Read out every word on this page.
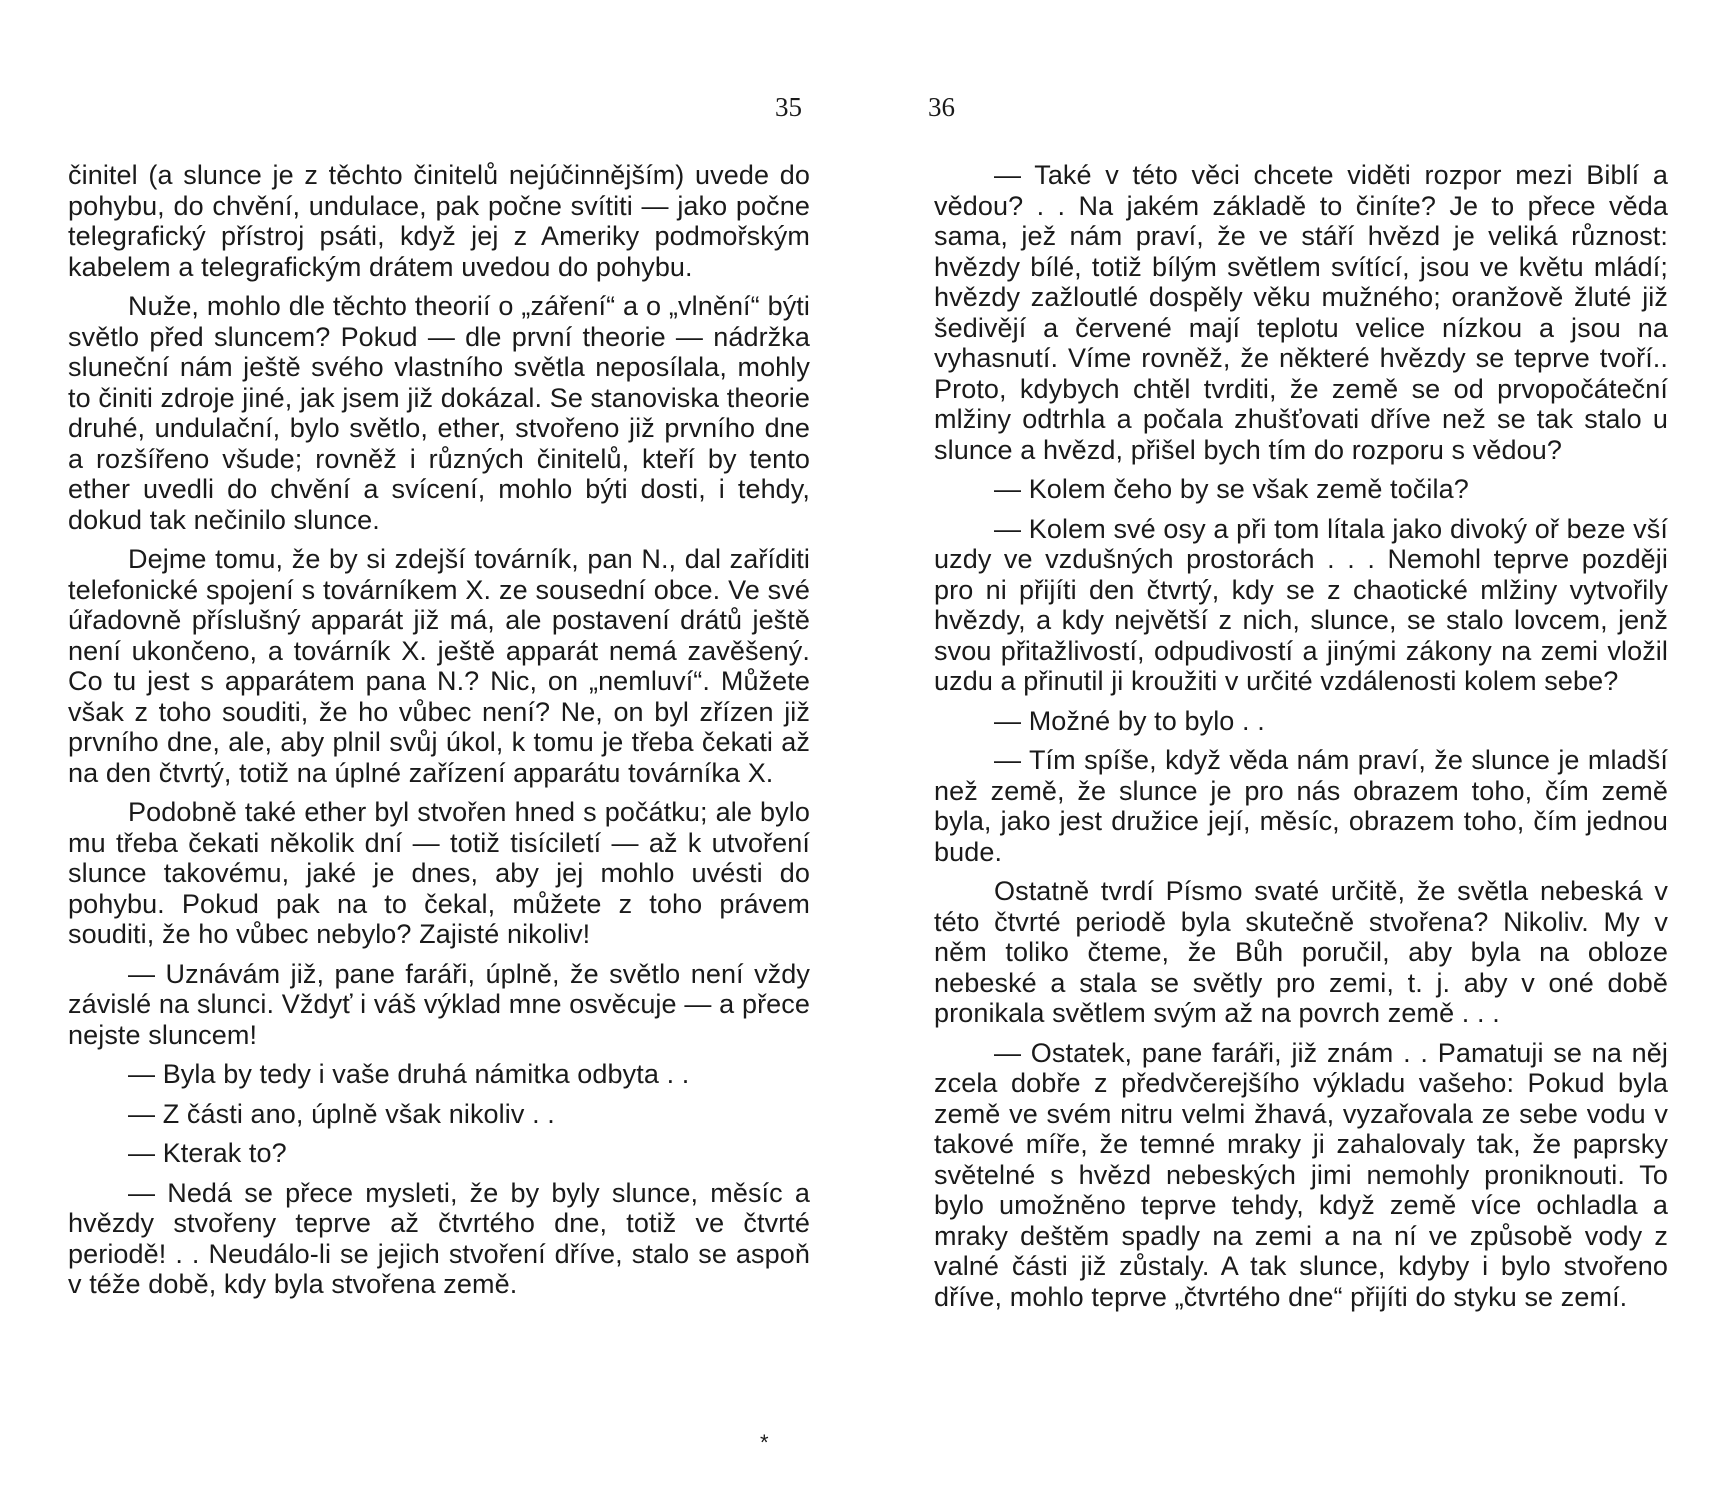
35	36

činitel (a slunce je z těchto činitelů nejúčinnějším) uvede do pohybu, do chvění, undulace, pak počne svítiti — jako počne telegrafický přístroj psáti, když jej z Ameriky podmořským kabelem a telegrafickým drátem uvedou do pohybu.

Nuže, mohlo dle těchto theorií o „záření“ a o „vlnění“ býti světlo před sluncem? Pokud — dle první theorie — nádržka sluneční nám ještě svého vlastního světla neposílala, mohly to činiti zdroje jiné, jak jsem již dokázal. Se stanoviska theorie druhé, undulační, bylo světlo, ether, stvořeno již prvního dne a rozšířeno všude; rovněž i různých činitelů, kteří by tento ether uvedli do chvění a svícení, mohlo býti dosti, i tehdy, dokud tak nečinilo slunce.

Dejme tomu, že by si zdejší továrník, pan N., dal zaříditi telefonické spojení s továrníkem X. ze sousední obce. Ve své úřadovně příslušný apparát již má, ale postavení drátů ještě není ukončeno, a továrník X. ještě apparát nemá zavěšený. Co tu jest s apparátem pana N.? Nic, on „nemluví“. Můžete však z toho souditi, že ho vůbec není? Ne, on byl zřízen již prvního dne, ale, aby plnil svůj úkol, k tomu je třeba čekati až na den čtvrtý, totiž na úplné zařízení apparátu továrníka X.

Podobně také ether byl stvořen hned s počátku; ale bylo mu třeba čekati několik dní — totiž tisíciletí — až k utvoření slunce takovému, jaké je dnes, aby jej mohlo uvésti do pohybu. Pokud pak na to čekal, můžete z toho právem souditi, že ho vůbec nebylo? Zajisté nikoliv!

— Uznávám již, pane faráři, úplně, že světlo není vždy závislé na slunci. Vždyť i váš výklad mne osvěcuje — a přece nejste sluncem!

— Byla by tedy i vaše druhá námitka odbyta . .

— Z části ano, úplně však nikoliv . .

— Kterak to?

— Nedá se přece mysleti, že by byly slunce, měsíc a hvězdy stvořeny teprve až čtvrtého dne, totiž ve čtvrté periodě! . . Neudálo-li se jejich stvoření dříve, stalo se aspoň v téže době, kdy byla stvořena země.

— Také v této věci chcete viděti rozpor mezi Biblí a vědou? . . Na jakém základě to činíte? Je to přece věda sama, jež nám praví, že ve stáří hvězd je veliká různost: hvězdy bílé, totiž bílým světlem svítící, jsou ve květu mládí; hvězdy zažloutlé dospěly věku mužného; oranžově žluté již šedivějí a červené mají teplotu velice nízkou a jsou na vyhasnutí. Víme rovněž, že některé hvězdy se teprve tvoří.. Proto, kdybych chtěl tvrditi, že země se od prvopočáteční mlžiny odtrhla a počala zhušťovati dříve než se tak stalo u slunce a hvězd, přišel bych tím do rozporu s vědou?

— Kolem čeho by se však země točila?

— Kolem své osy a při tom lítala jako divoký oř beze vší uzdy ve vzdušných prostorách . . . Nemohl teprve později pro ni přijíti den čtvrtý, kdy se z chaotické mlžiny vytvořily hvězdy, a kdy největší z nich, slunce, se stalo lovcem, jenž svou přitažlivostí, odpudivostí a jinými zákony na zemi vložil uzdu a přinutil ji kroužiti v určité vzdálenosti kolem sebe?

— Možné by to bylo . .

— Tím spíše, když věda nám praví, že slunce je mladší než země, že slunce je pro nás obrazem toho, čím země byla, jako jest družice její, měsíc, obrazem toho, čím jednou bude.

Ostatně tvrdí Písmo svaté určitě, že světla nebeská v této čtvrté periodě byla skutečně stvořena? Nikoliv. My v něm toliko čteme, že Bůh poručil, aby byla na obloze nebeské a stala se světly pro zemi, t. j. aby v oné době pronikala světlem svým až na povrch země . . .

— Ostatek, pane faráři, již znám . . Pamatuji se na něj zcela dobře z předvčerejšího výkladu vašeho: Pokud byla země ve svém nitru velmi žhavá, vyzařovala ze sebe vodu v takové míře, že temné mraky ji zahalovaly tak, že paprsky světelné s hvězd nebeských jimi nemohly proniknouti. To bylo umožněno teprve tehdy, když země více ochladla a mraky deštěm spadly na zemi a na ní ve způsobě vody z valné části již zůstaly. A tak slunce, kdyby i bylo stvořeno dříve, mohlo teprve „čtvrtého dne“ přijíti do styku se zemí.

*
